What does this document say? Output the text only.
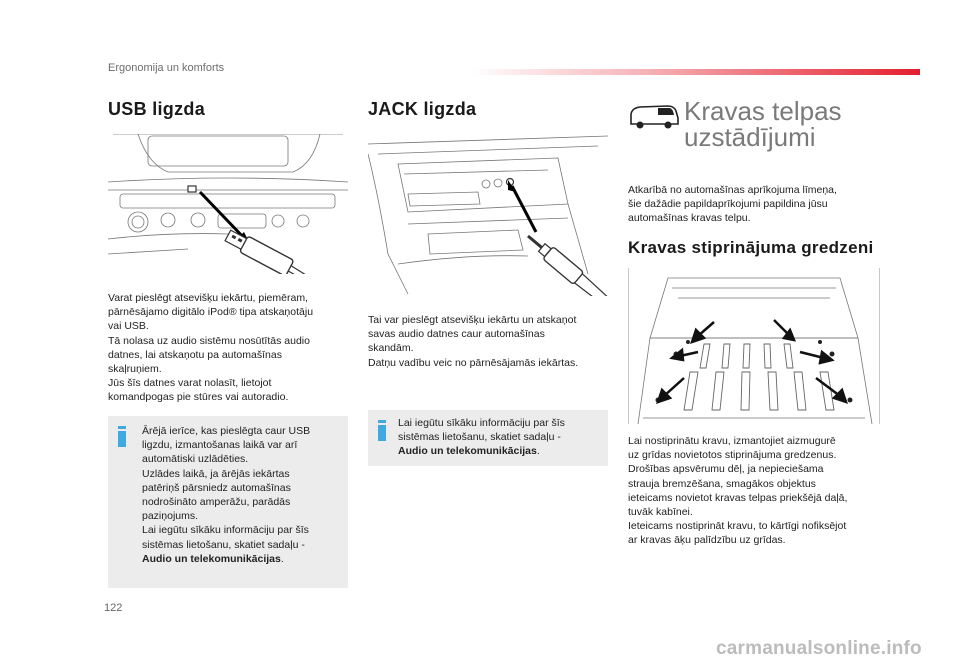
Ergonomija un komforts
USB ligzda

Varat pieslēgt atsevišķu iekārtu, piemēram,

pārnēsājamo digitālo iPod® tipa atskaņotāju

vai USB.

Tā nolasa uz audio sistēmu nosūtītās audio

datnes, lai atskaņotu pa automašīnas

skaļruņiem.

Jūs šīs datnes varat nolasīt, lietojot

komandpogas pie stūres vai autoradio.

Ārējā ierīce, kas pieslēgta caur USB

ligzdu, izmantošanas laikā var arī

automātiski uzlādēties.

Uzlādes laikā, ja ārējās iekārtas

patēriņš pārsniedz automašīnas

nodrošināto amperāžu, parādās

paziņojums.

Lai iegūtu sīkāku informāciju par šīs

sistēmas lietošanu, skatiet sadaļu -

Audio un telekomunikācijas.

JACK ligzda

Tai var pieslēgt atsevišķu iekārtu un atskaņot

savas audio datnes caur automašīnas

skandām.

Datņu vadību veic no pārnēsājamās iekārtas.

Lai iegūtu sīkāku informāciju par šīs

sistēmas lietošanu, skatiet sadaļu -

Audio un telekomunikācijas.

Kravas telpas
uzstādījumi

Atkarībā no automašīnas aprīkojuma līmeņa,

šie dažādie papildaprīkojumi papildina jūsu

automašīnas kravas telpu.

Kravas stiprinājuma gredzeni

Lai nostiprinātu kravu, izmantojiet aizmugurē

uz grīdas novietotos stiprinājuma gredzenus.

Drošības apsvērumu dēļ, ja nepieciešama

strauja bremzēšana, smagākos objektus

ieteicams novietot kravas telpas priekšējā daļā,

tuvāk kabīnei.

Ieteicams nostiprināt kravu, to kārtīgi nofiksējot

ar kravas āķu palīdzību uz grīdas.

122
carmanualsonline.info
